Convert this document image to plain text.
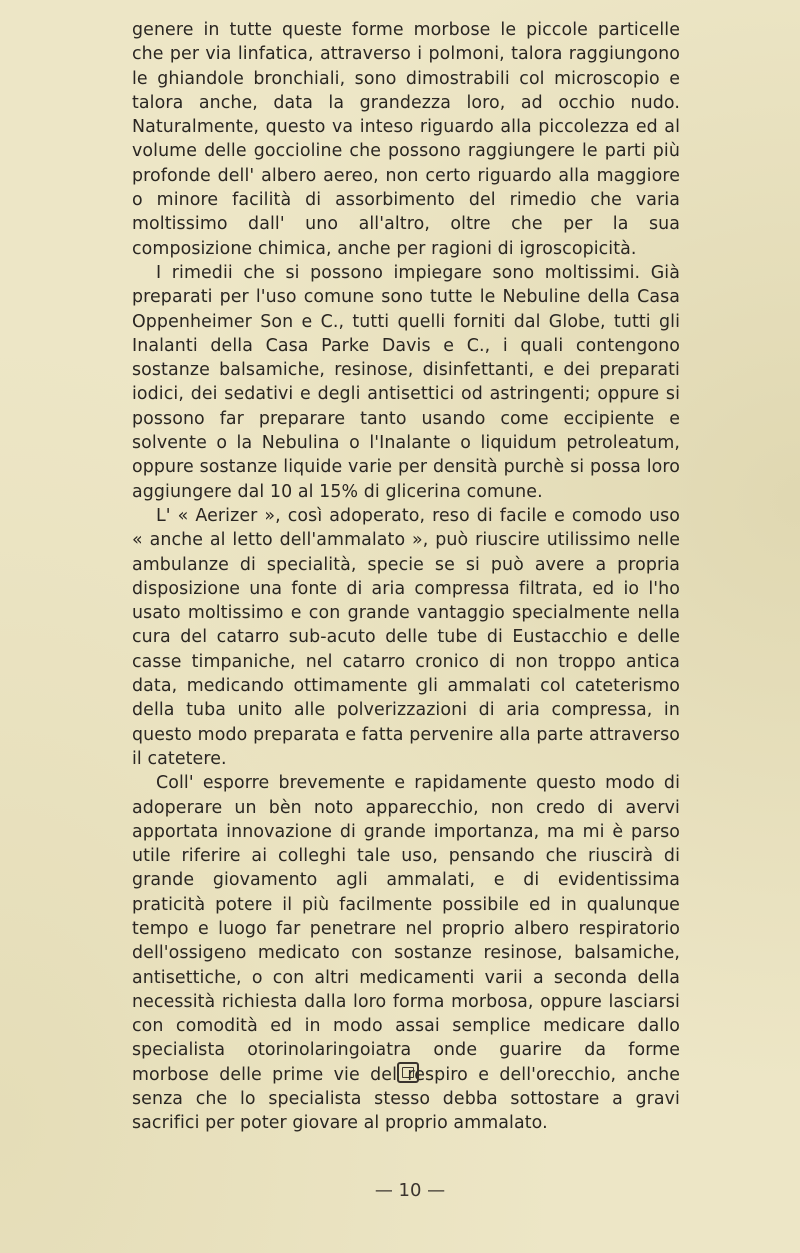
genere in tutte queste forme morbose le piccole particelle che per via linfatica, attraverso i polmoni, talora raggiungono le ghiandole bronchiali, sono dimostrabili col microscopio e talora anche, data la grandezza loro, ad occhio nudo. Naturalmente, questo va inteso riguardo alla piccolezza ed al volume delle goccioline che possono raggiungere le parti più profonde dell' albero aereo, non certo riguardo alla maggiore o minore facilità di assorbimento del rimedio che varia moltissimo dall' uno all'altro, oltre che per la sua composizione chimica, anche per ragioni di igroscopicità.

I rimedii che si possono impiegare sono moltissimi. Già preparati per l'uso comune sono tutte le Nebuline della Casa Oppenheimer Son e C., tutti quelli forniti dal Globe, tutti gli Inalanti della Casa Parke Davis e C., i quali contengono sostanze balsamiche, resinose, disinfettanti, e dei preparati iodici, dei sedativi e degli antisettici od astringenti; oppure si possono far preparare tanto usando come eccipiente e solvente o la Nebulina o l'Inalante o liquidum petroleatum, oppure sostanze liquide varie per densità purchè si possa loro aggiungere dal 10 al 15% di glicerina comune.

L' « Aerizer », così adoperato, reso di facile e comodo uso « anche al letto dell'ammalato », può riuscire utilissimo nelle ambulanze di specialità, specie se si può avere a propria disposizione una fonte di aria compressa filtrata, ed io l'ho usato moltissimo e con grande vantaggio specialmente nella cura del catarro sub-acuto delle tube di Eustacchio e delle casse timpaniche, nel catarro cronico di non troppo antica data, medicando ottimamente gli ammalati col cateterismo della tuba unito alle polverizzazioni di aria compressa, in questo modo preparata e fatta pervenire alla parte attraverso il catetere.

Coll' esporre brevemente e rapidamente questo modo di adoperare un bèn noto apparecchio, non credo di avervi apportata innovazione di grande importanza, ma mi è parso utile riferire ai colleghi tale uso, pensando che riuscirà di grande giovamento agli ammalati, e di evidentissima praticità potere il più facilmente possibile ed in qualunque tempo e luogo far penetrare nel proprio albero respiratorio dell'ossigeno medicato con sostanze resinose, balsamiche, antisettiche, o con altri medicamenti varii a seconda della necessità richiesta dalla loro forma morbosa, oppure lasciarsi con comodità ed in modo assai semplice medicare dallo specialista otorinolaringoiatra onde guarire da forme morbose delle prime vie del respiro e dell'orecchio, anche senza che lo specialista stesso debba sottostare a gravi sacrifici per poter giovare al proprio ammalato.

— 10 —
